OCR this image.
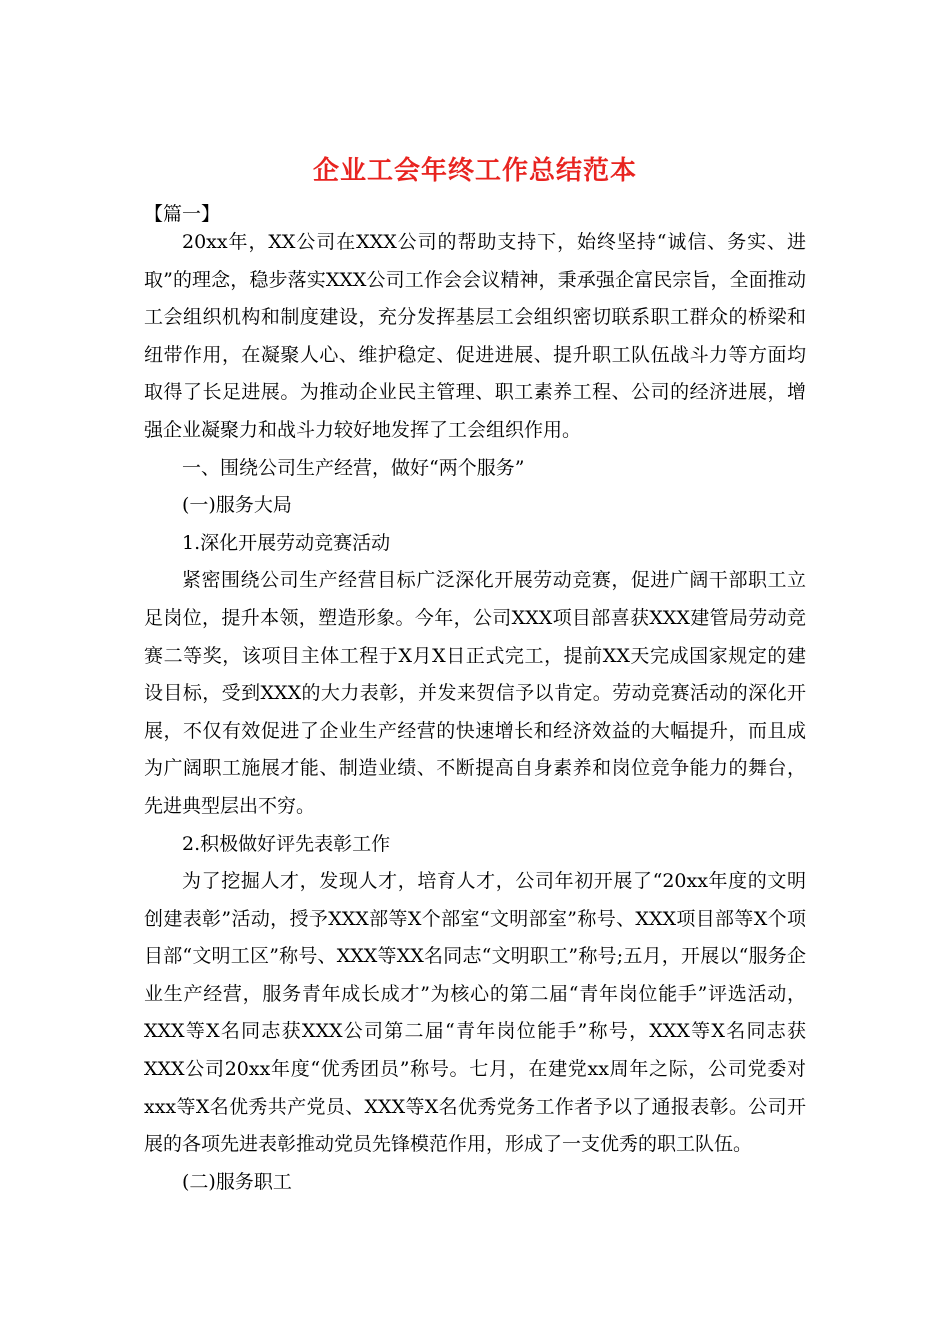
企业工会年终工作总结范本
【篇一】

20xx年，XX公司在XXX公司的帮助支持下，始终坚持“诚信、务实、进取”的理念，稳步落实XXX公司工作会会议精神，秉承强企富民宗旨，全面推动工会组织机构和制度建设，充分发挥基层工会组织密切联系职工群众的桥梁和纽带作用，在凝聚人心、维护稳定、促进进展、提升职工队伍战斗力等方面均取得了长足进展。为推动企业民主管理、职工素养工程、公司的经济进展，增强企业凝聚力和战斗力较好地发挥了工会组织作用。

一、围绕公司生产经营，做好“两个服务”

(一)服务大局

1.深化开展劳动竞赛活动

紧密围绕公司生产经营目标广泛深化开展劳动竞赛，促进广阔干部职工立足岗位，提升本领，塑造形象。今年，公司XXX项目部喜获XXX建管局劳动竞赛二等奖，该项目主体工程于X月X日正式完工，提前XX天完成国家规定的建设目标，受到XXX的大力表彰，并发来贺信予以肯定。劳动竞赛活动的深化开展，不仅有效促进了企业生产经营的快速增长和经济效益的大幅提升，而且成为广阔职工施展才能、制造业绩、不断提高自身素养和岗位竞争能力的舞台，先进典型层出不穷。

2.积极做好评先表彰工作

为了挖掘人才，发现人才，培育人才，公司年初开展了“20xx年度的文明创建表彰”活动，授予XXX部等X个部室“文明部室”称号、XXX项目部等X个项目部“文明工区”称号、XXX等XX名同志“文明职工”称号;五月，开展以“服务企业生产经营，服务青年成长成才”为核心的第二届“青年岗位能手”评选活动，XXX等X名同志获XXX公司第二届“青年岗位能手”称号，XXX等X名同志获XXX公司20xx年度“优秀团员”称号。七月，在建党xx周年之际，公司党委对xxx等X名优秀共产党员、XXX等X名优秀党务工作者予以了通报表彰。公司开展的各项先进表彰推动党员先锋模范作用，形成了一支优秀的职工队伍。

(二)服务职工
